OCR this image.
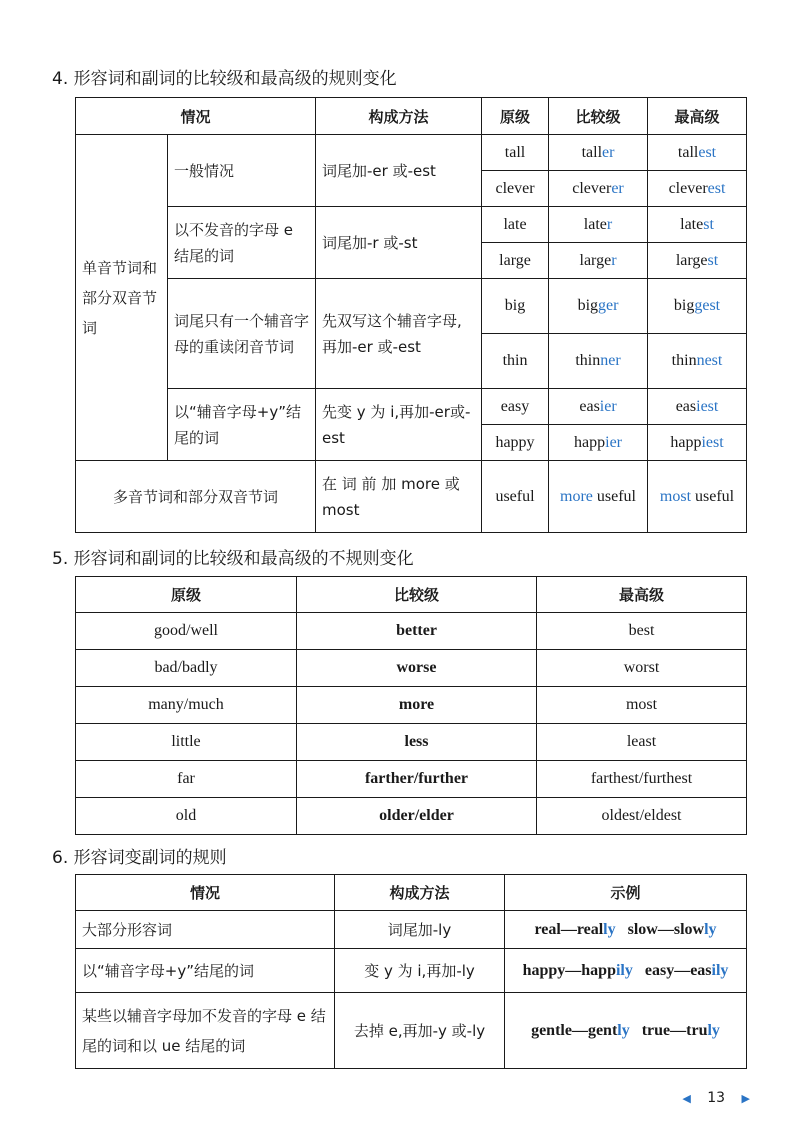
4. 形容词和副词的比较级和最高级的规则变化
情况		构成方法	原级	比较级	最高级
单音节词和部分双音节词	一般情况	词尾加-er 或-est	tall	taller	tallest
			clever	cleverer	cleverest
	以不发音的字母 e 结尾的词	词尾加-r 或-st	late	later	latest
			large	larger	largest
	词尾只有一个辅音字母的重读闭音节词	先双写这个辅音字母,再加-er 或-est	big	bigger	biggest
			thin	thinner	thinnest
	以“辅音字母+y”结尾的词	先变 y 为 i,再加-er或-est	easy	easier	easiest
			happy	happier	happiest
多音节词和部分双音节词		在 词 前 加 more 或 most	useful	more useful	most useful
5. 形容词和副词的比较级和最高级的不规则变化
原级	比较级	最高级
good/well	better	best
bad/badly	worse	worst
many/much	more	most
little	less	least
far	farther/further	farthest/furthest
old	older/elder	oldest/eldest
6. 形容词变副词的规则
情况	构成方法	示例
大部分形容词	词尾加-ly	real—really   slow—slowly
以“辅音字母+y”结尾的词	变 y 为 i,再加-ly	happy—happily   easy—easily
某些以辅音字母加不发音的字母 e 结尾的词和以 ue 结尾的词	去掉 e,再加-y 或-ly	gentle—gently   true—truly
◀ 13 ▶
